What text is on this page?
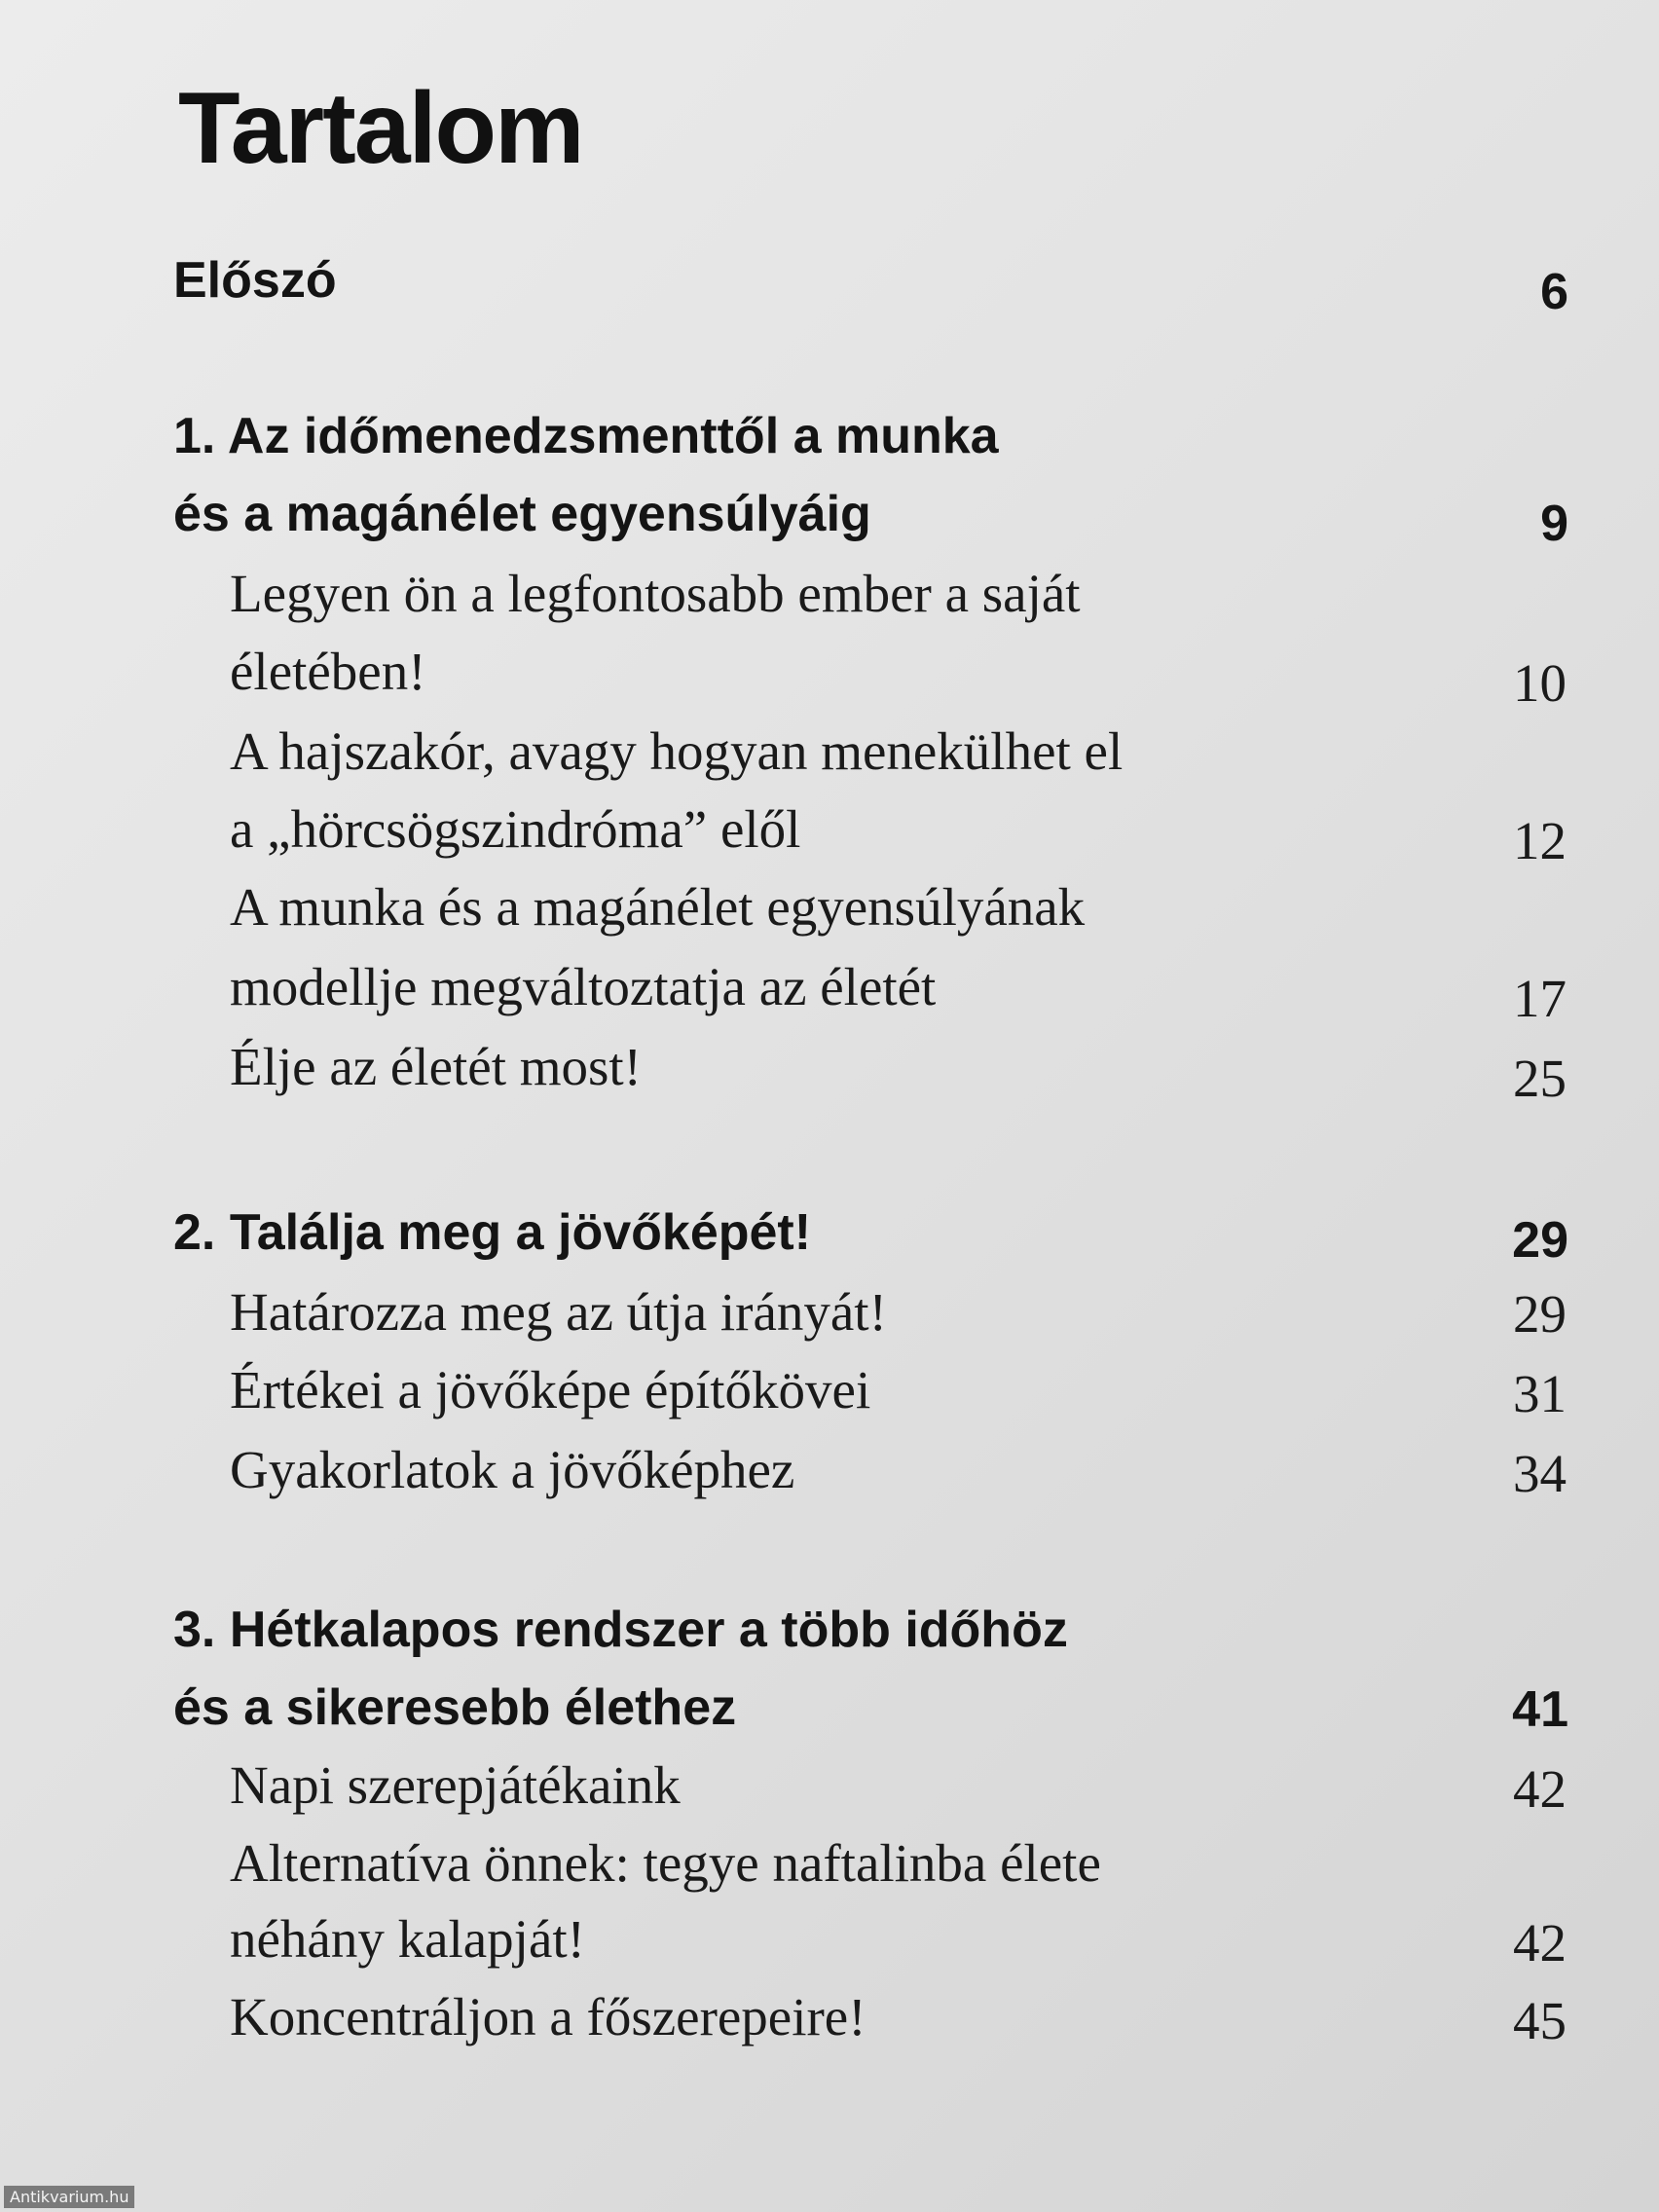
Tartalom
Előszó	6
1. Az időmenedzsmenttől a munka
és a magánélet egyensúlyáig	9
Legyen ön a legfontosabb ember a saját
életében!	10
A hajszakór, avagy hogyan menekülhet el
a „hörcsögszindróma” elől	12
A munka és a magánélet egyensúlyának
modellje megváltoztatja az életét	17
Élje az életét most!	25
2. Találja meg a jövőképét!	29
Határozza meg az útja irányát!	29
Értékei a jövőképe építőkövei	31
Gyakorlatok a jövőképhez	34
3. Hétkalapos rendszer a több időhöz
és a sikeresebb élethez	41
Napi szerepjátékaink	42
Alternatíva önnek: tegye naftalinba élete
néhány kalapját!	42
Koncentráljon a főszerepeire!	45
Antikvarium.hu
